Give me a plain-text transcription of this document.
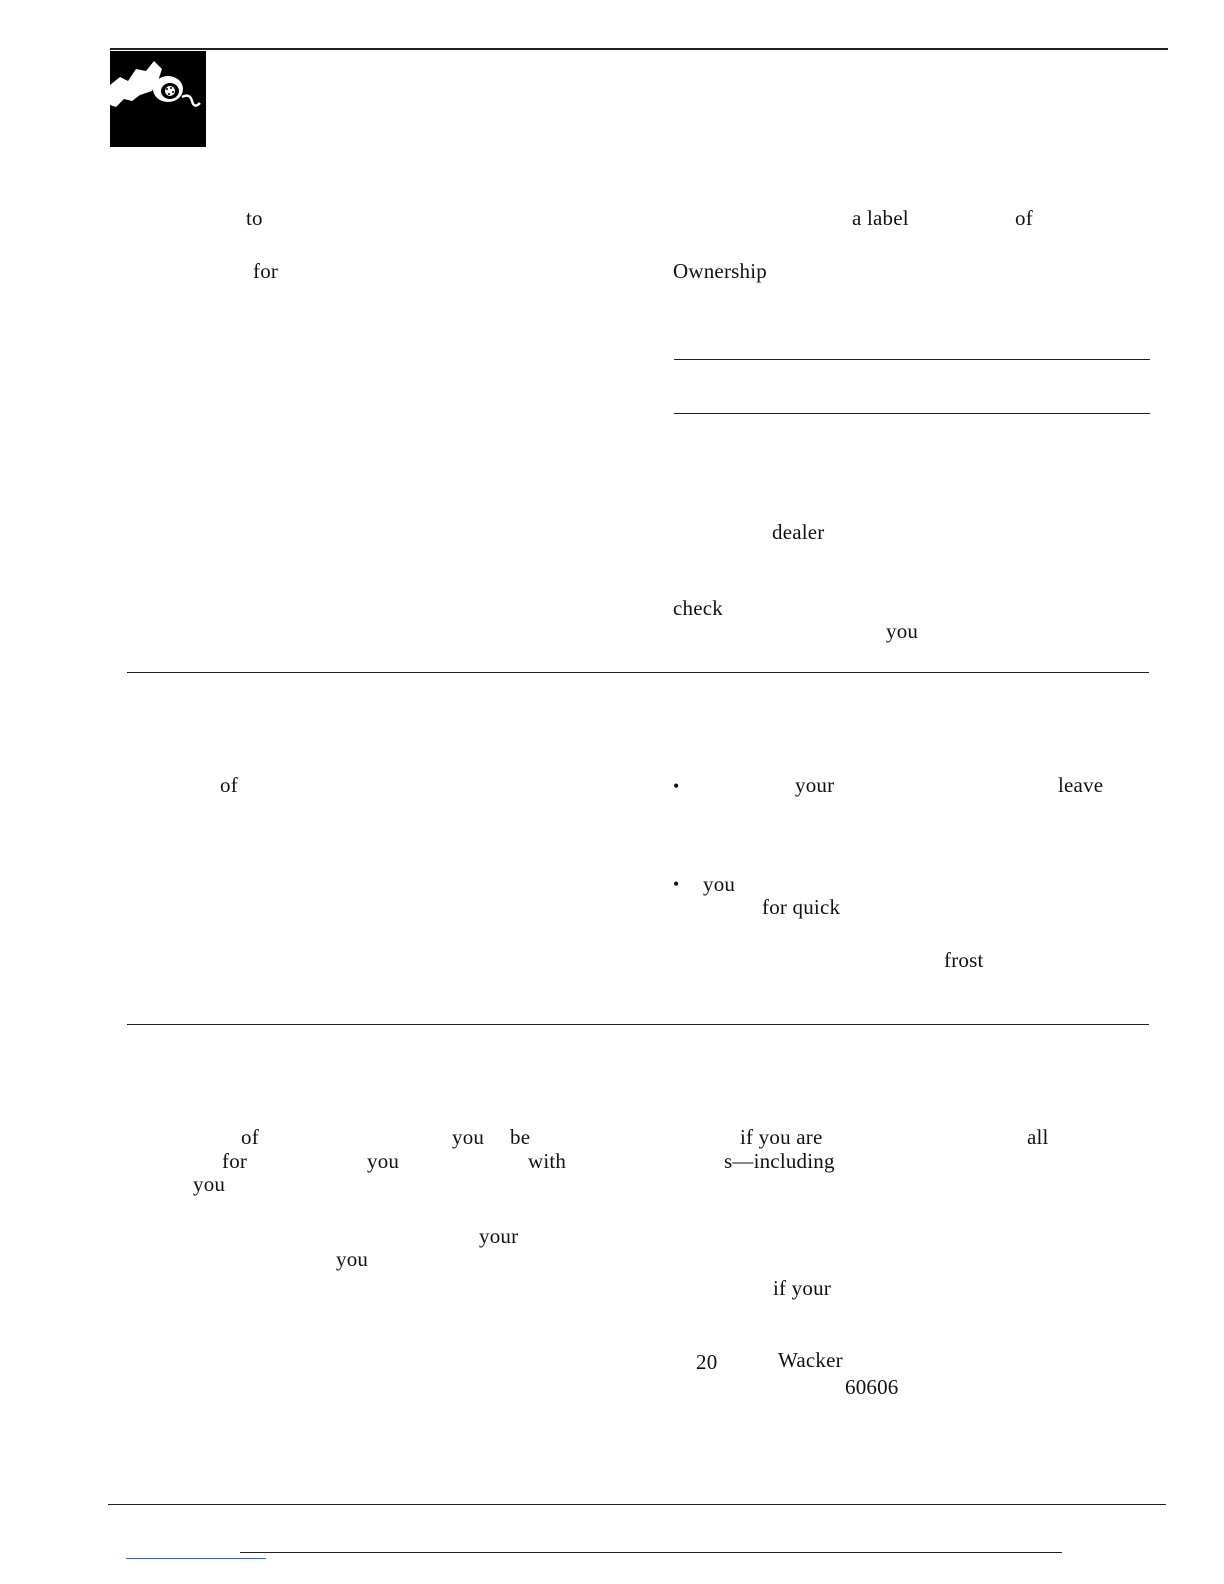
to
for
a label	of
Ownership
dealer
check
you
of	•	your	leave
• you
for quick
frost
of	you be
for	you	with
you
your
you
if you are	all
s—including
if your
20	Wacker
60606
